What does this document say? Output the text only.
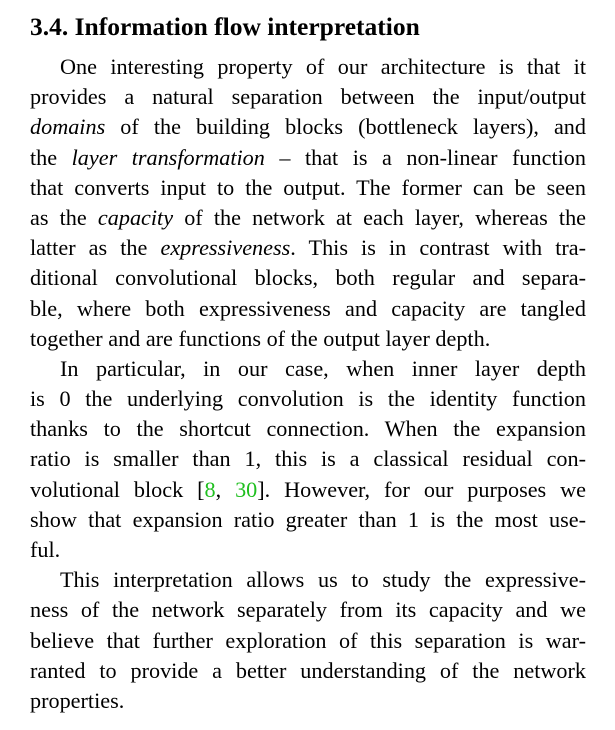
3.4. Information flow interpretation
One interesting property of our architecture is that it
provides a natural separation between the input/output
domains of the building blocks (bottleneck layers), and
the layer transformation – that is a non-linear function
that converts input to the output. The former can be seen
as the capacity of the network at each layer, whereas the
latter as the expressiveness. This is in contrast with tra-
ditional convolutional blocks, both regular and separa-
ble, where both expressiveness and capacity are tangled
together and are functions of the output layer depth.
In particular, in our case, when inner layer depth
is 0 the underlying convolution is the identity function
thanks to the shortcut connection. When the expansion
ratio is smaller than 1, this is a classical residual con-
volutional block [8, 30]. However, for our purposes we
show that expansion ratio greater than 1 is the most use-
ful.
This interpretation allows us to study the expressive-
ness of the network separately from its capacity and we
believe that further exploration of this separation is war-
ranted to provide a better understanding of the network
properties.
